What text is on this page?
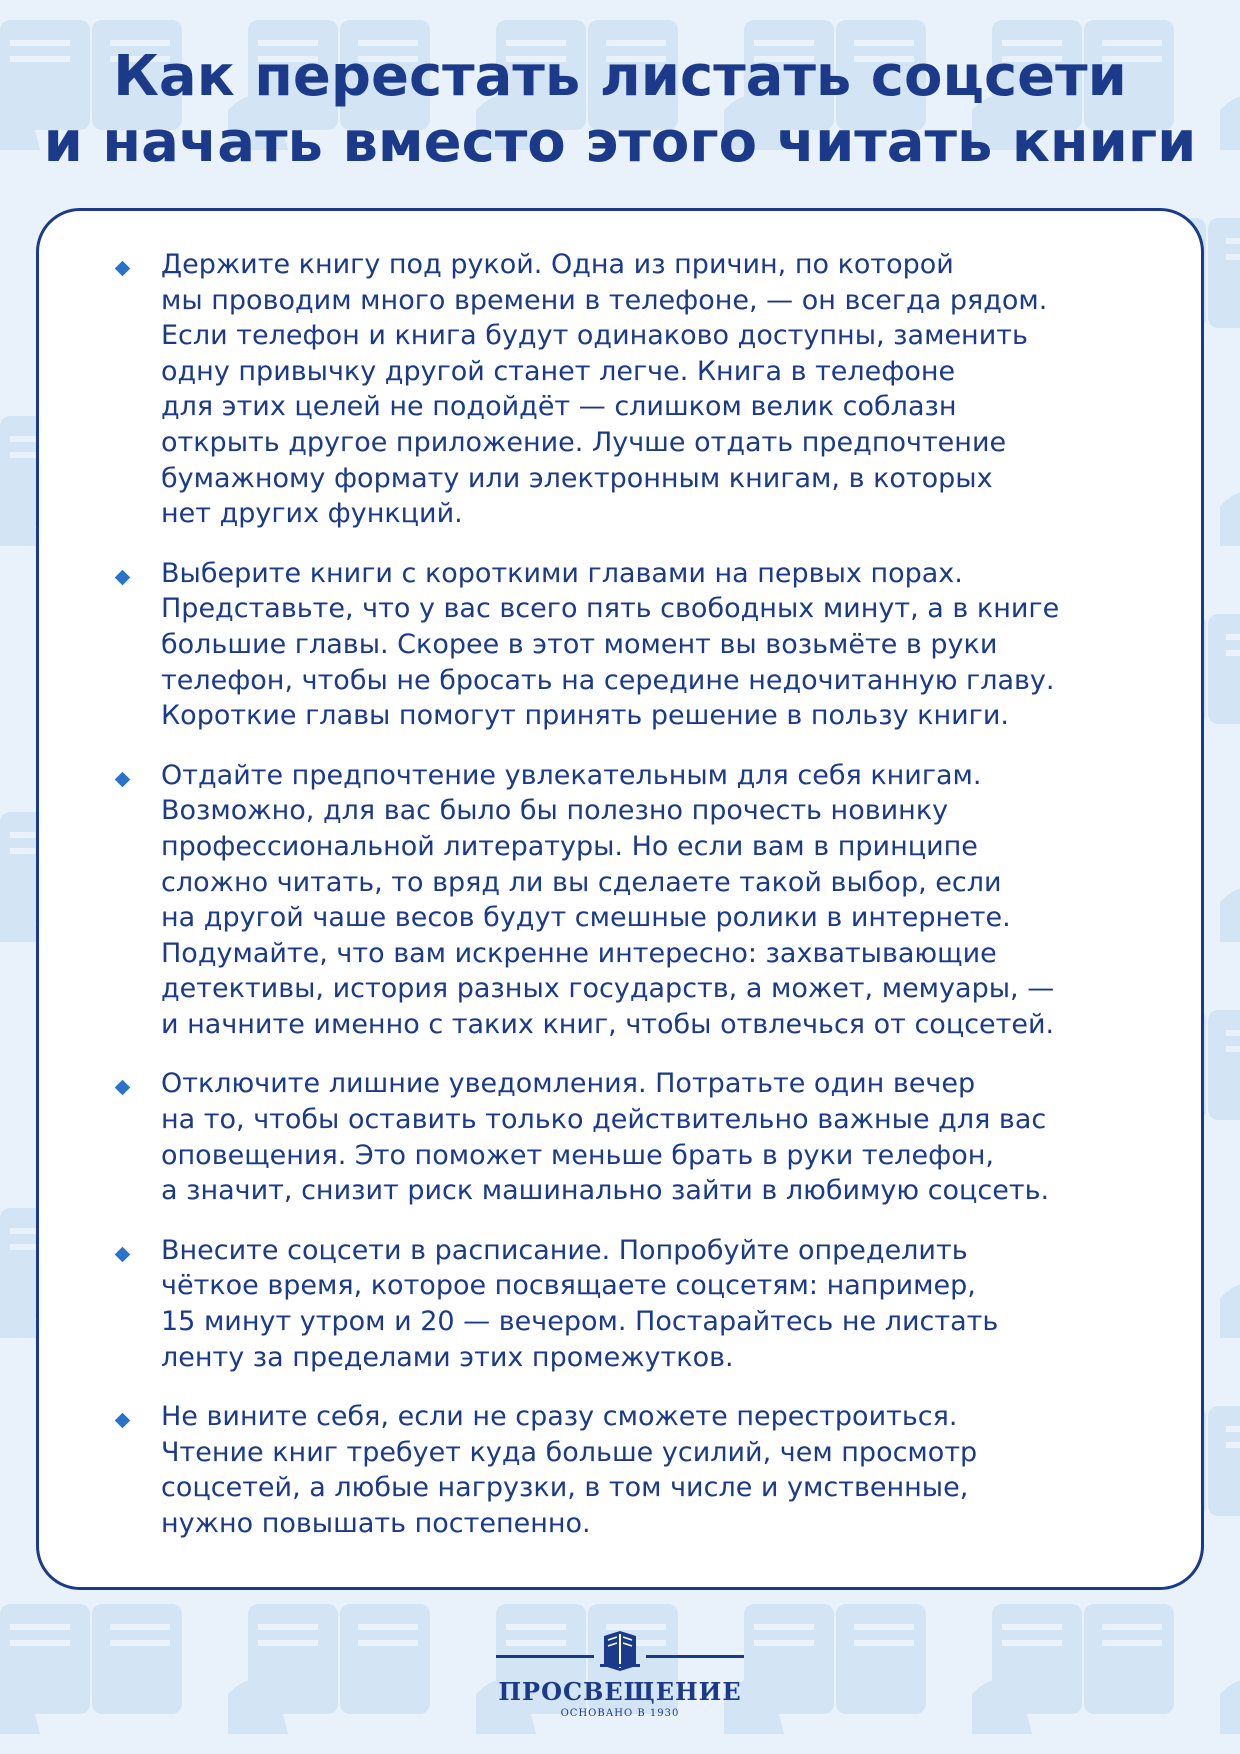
Как перестать листать соцсети
и начать вместо этого читать книги
Держите книгу под рукой. Одна из причин, по которой
мы проводим много времени в телефоне, — он всегда рядом.
Если телефон и книга будут одинаково доступны, заменить
одну привычку другой станет легче. Книга в телефоне
для этих целей не подойдёт — слишком велик соблазн
открыть другое приложение. Лучше отдать предпочтение
бумажному формату или электронным книгам, в которых
нет других функций.
Выберите книги с короткими главами на первых порах.
Представьте, что у вас всего пять свободных минут, а в книге
большие главы. Скорее в этот момент вы возьмёте в руки
телефон, чтобы не бросать на середине недочитанную главу.
Короткие главы помогут принять решение в пользу книги.
Отдайте предпочтение увлекательным для себя книгам.
Возможно, для вас было бы полезно прочесть новинку
профессиональной литературы. Но если вам в принципе
сложно читать, то вряд ли вы сделаете такой выбор, если
на другой чаше весов будут смешные ролики в интернете.
Подумайте, что вам искренне интересно: захватывающие
детективы, история разных государств, а может, мемуары, —
и начните именно с таких книг, чтобы отвлечься от соцсетей.
Отключите лишние уведомления. Потратьте один вечер
на то, чтобы оставить только действительно важные для вас
оповещения. Это поможет меньше брать в руки телефон,
а значит, снизит риск машинально зайти в любимую соцсеть.
Внесите соцсети в расписание. Попробуйте определить
чёткое время, которое посвящаете соцсетям: например,
15 минут утром и 20 — вечером. Постарайтесь не листать
ленту за пределами этих промежутков.
Не вините себя, если не сразу сможете перестроиться.
Чтение книг требует куда больше усилий, чем просмотр
соцсетей, а любые нагрузки, в том числе и умственные,
нужно повышать постепенно.
ПРОСВЕЩЕНИЕ
ОСНОВАНО В 1930
